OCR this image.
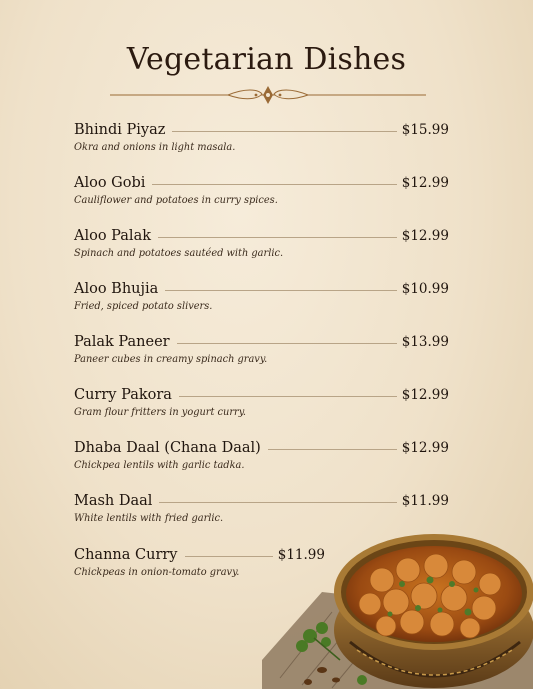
Vegetarian Dishes
Bhindi Piyaz	$15.99
Okra and onions in light masala.
Aloo Gobi	$12.99
Cauliflower and potatoes in curry spices.
Aloo Palak	$12.99
Spinach and potatoes sautéed with garlic.
Aloo Bhujia	$10.99
Fried, spiced potato slivers.
Palak Paneer	$13.99
Paneer cubes in creamy spinach gravy.
Curry Pakora	$12.99
Gram flour fritters in yogurt curry.
Dhaba Daal (Chana Daal)	$12.99
Chickpea lentils with garlic tadka.
Mash Daal	$11.99
White lentils with fried garlic.
Channa Curry	$11.99
Chickpeas in onion-tomato gravy.
